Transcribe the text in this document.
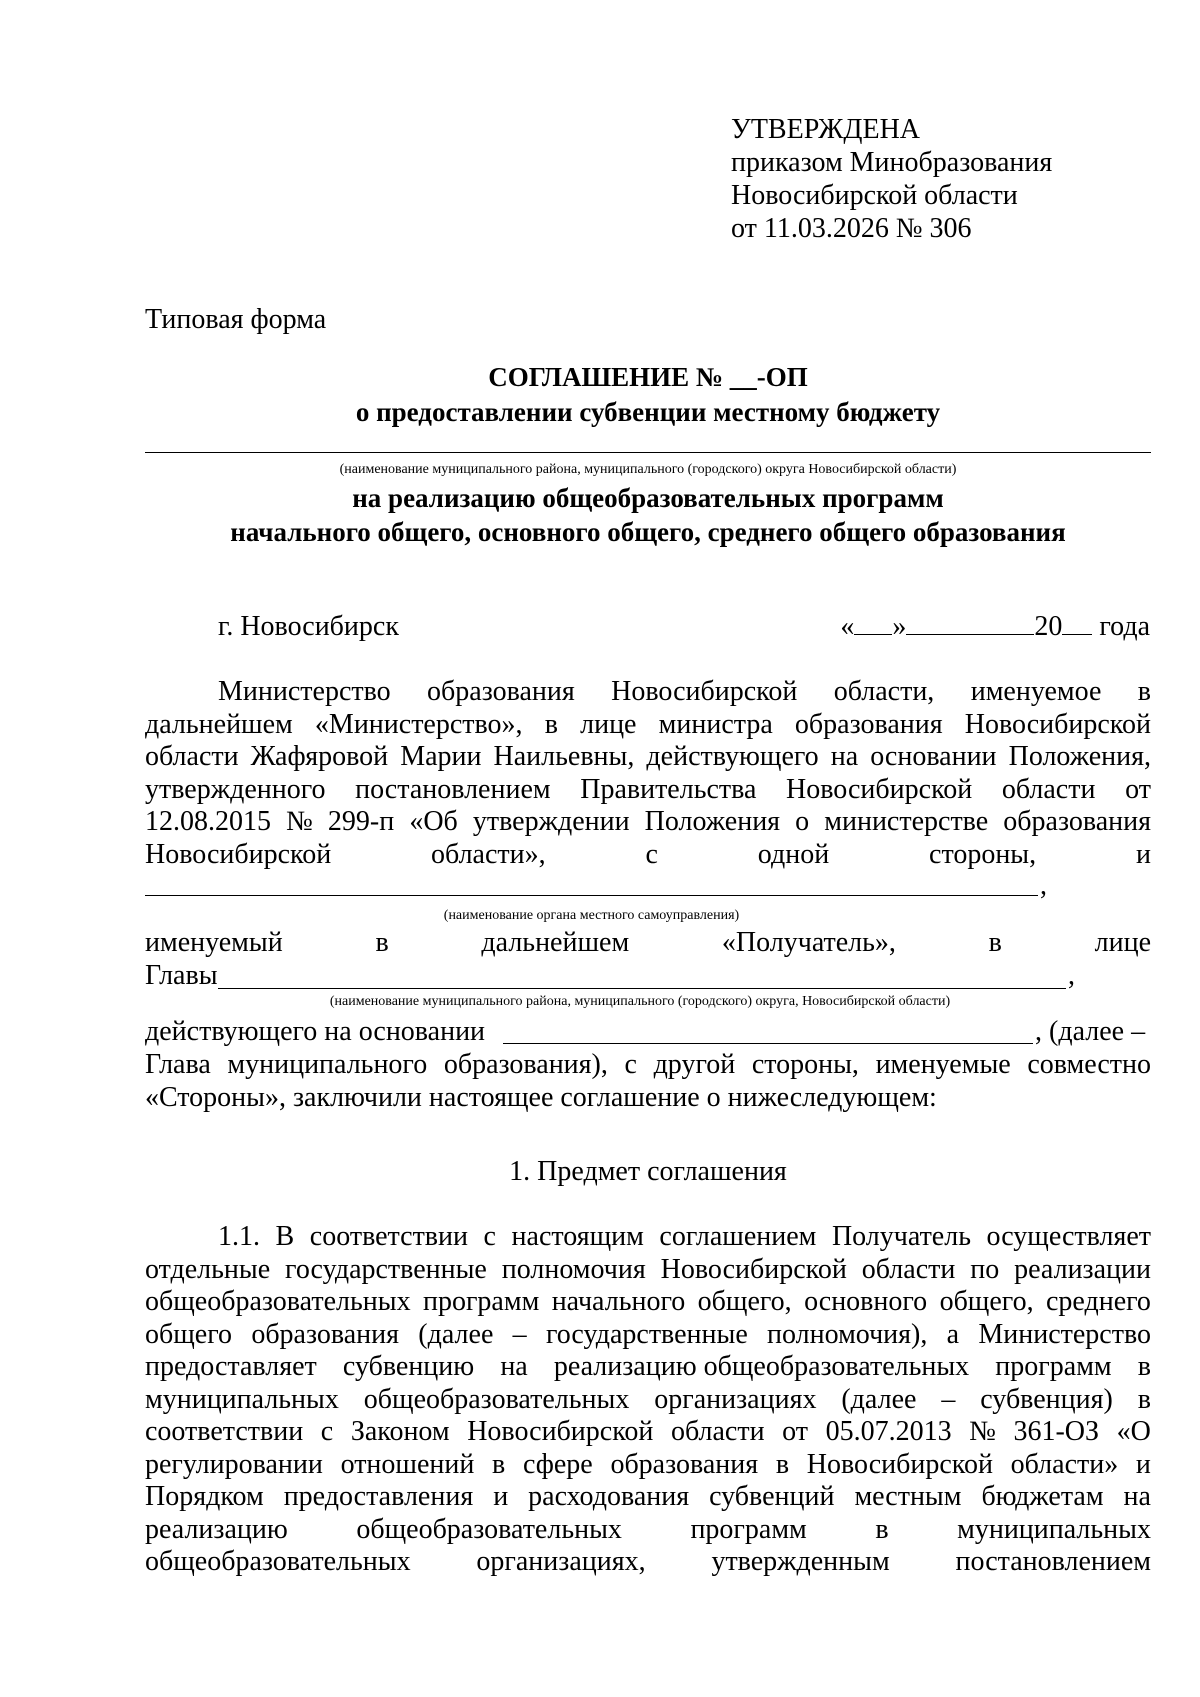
УТВЕРЖДЕНА
приказом Минобразования
Новосибирской области
от 11.03.2026 № 306
Типовая форма
СОГЛАШЕНИЕ № __-ОП
о предоставлении субвенции местному бюджету
(наименование муниципального района, муниципального (городского) округа Новосибирской области)
на реализацию общеобразовательных программ
начального общего, основного общего, среднего общего образования
г. Новосибирск	« »	20 года
Министерство образования Новосибирской области, именуемое в
дальнейшем «Министерство», в лице министра образования Новосибирской
области Жафяровой Марии Наильевны, действующего на основании Положения,
утвержденного постановлением Правительства Новосибирской области от
12.08.2015 № 299-п «Об утверждении Положения о министерстве образования
Новосибирской	области»,	с	одной	стороны,	и
,
(наименование органа местного самоуправления)
именуемый	в	дальнейшем	«Получатель»,	в	лице
Главы	,
(наименование муниципального района, муниципального (городского) округа, Новосибирской области)
действующего на основании	, (далее –
Глава муниципального образования), с другой стороны, именуемые совместно
«Стороны», заключили настоящее соглашение о нижеследующем:
1. Предмет соглашения
1.1. В соответствии с настоящим соглашением Получатель осуществляет
отдельные государственные полномочия Новосибирской области по реализации
общеобразовательных программ начального общего, основного общего, среднего
общего образования (далее – государственные полномочия), а Министерство
предоставляет субвенцию на реализацию общеобразовательных программ в
муниципальных общеобразовательных организациях (далее – субвенция) в
соответствии с Законом Новосибирской области от 05.07.2013 № 361-ОЗ «О
регулировании отношений в сфере образования в Новосибирской области» и
Порядком предоставления и расходования субвенций местным бюджетам на
реализацию общеобразовательных программ в муниципальных
общеобразовательных организациях, утвержденным постановлением
